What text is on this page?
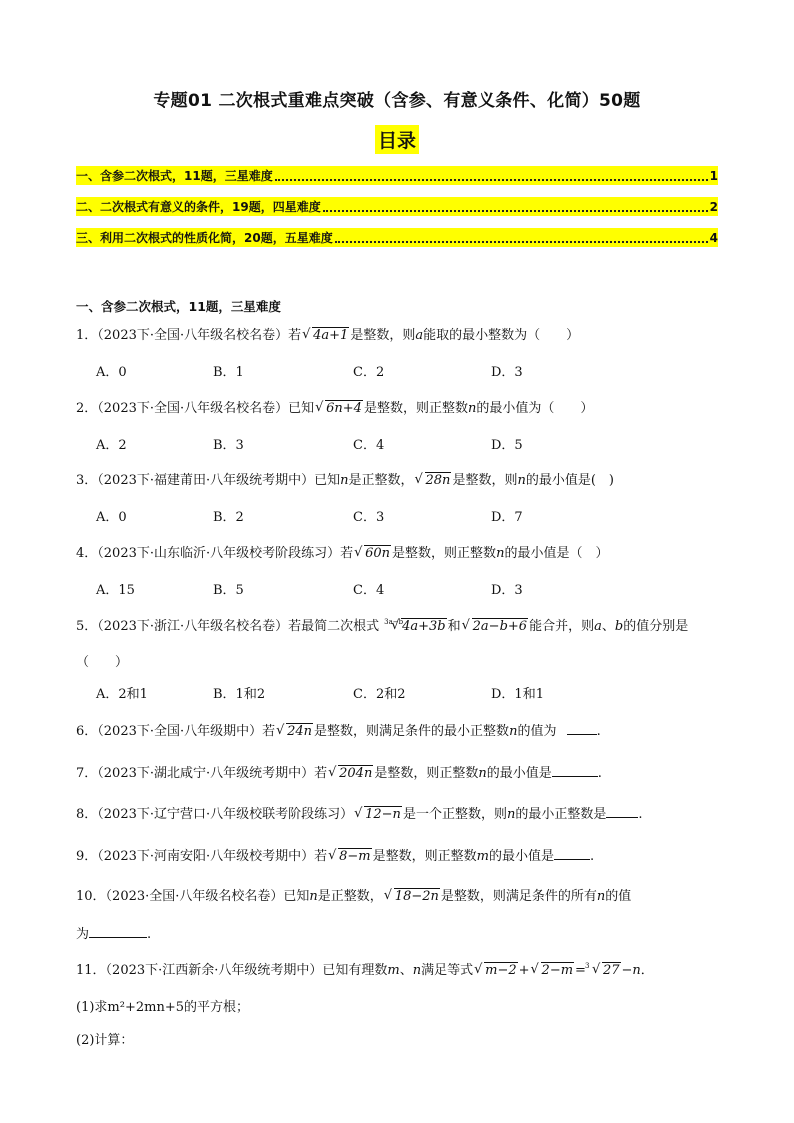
专题01 二次根式重难点突破（含参、有意义条件、化简）50题
目录
一、含参二次根式，11题，三星难度	1
二、二次根式有意义的条件，19题，四星难度	2
三、利用二次根式的性质化简，20题，五星难度	4
一、含参二次根式，11题，三星难度
1．（2023下·全国·八年级名校名卷）若 √ 4a+1 是整数，则a能取的最小整数为（　　）
A．0	B．1	C．2	D．3
2．（2023下·全国·八年级名校名卷）已知 √ 6n+4 是整数，则正整数n的最小值为（　　）
A．2	B．3	C．4	D．5
3．（2023下·福建莆田·八年级统考期中）已知n是正整数， √ 28n 是整数，则n的最小值是(　)
A．0	B．2	C．3	D．7
4．（2023下·山东临沂·八年级校考阶段练习）若 √ 60n 是整数，则正整数n的最小值是（　）
A．15	B．5	C．4	D．3
5．（2023下·浙江·八年级名校名卷）若最简二次根式 √ 3a−b 4a+3b 和 √ 2a−b+6 能合并，则a、b的值分别是
（　　）
A．2和1	B．1和2	C．2和2	D．1和1
6．（2023下·全国·八年级期中）若 √ 24n 是整数，则满足条件的最小正整数n的值为	.
7．（2023下·湖北咸宁·八年级统考期中）若 √ 204n 是整数，则正整数n的最小值是	.
8．（2023下·辽宁营口·八年级校联考阶段练习） √ 12−n 是一个正整数，则n的最小正整数是 .
9．（2023下·河南安阳·八年级校考期中）若 √ 8−m 是整数，则正整数m的最小值是	.
10．（2023·全国·八年级名校名卷）已知n是正整数， √ 18−2n 是整数，则满足条件的所有n的值
为	.
11．（2023下·江西新余·八年级统考期中）已知有理数m、n满足等式 √ m−2 + √ 2−m = √ 3 27 −n．
(1)求m²+2mn+5的平方根；
(2)计算：
